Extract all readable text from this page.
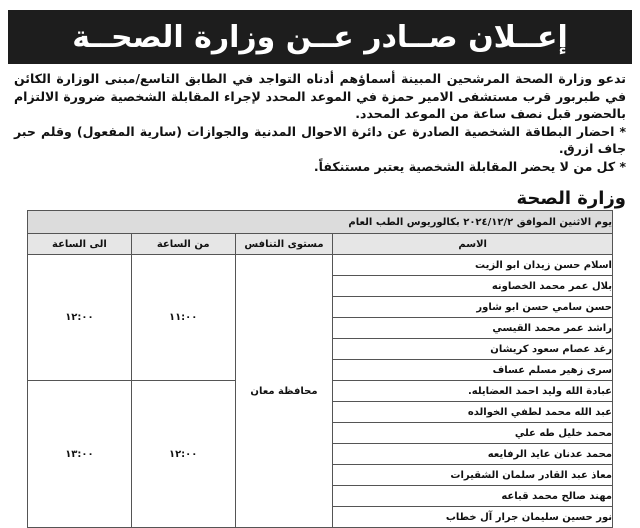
إعــلان صــادر عــن وزارة الصحــة

تدعو وزارة الصحة المرشحين المبينة أسماؤهم أدناه التواجد في الطابق التاسع/مبنى الوزارة الكائن في طبربور قرب مستشفى الامير حمزة في الموعد المحدد لإجراء المقابلة الشخصية ضرورة الالتزام بالحضور قبل نصف ساعة من الموعد المحدد.

* احضار البطاقة الشخصية الصادرة عن دائرة الاحوال المدنية والجوازات (سارية المفعول) وقلم حبر جاف ازرق.

* كل من لا يحضر المقابلة الشخصية يعتبر مستنكفاً.

وزارة الصحة
يوم الاثنين الموافق ٢٠٢٤/١٢/٢ بكالوريوس الطب العام			
الاسم	مستوى التنافس	من الساعة	الى الساعة
اسلام حسن زيدان ابو الزيت	محافظة معان	١١:٠٠	١٢:٠٠
بلال عمر محمد الخصاونه			
حسن سامي حسن ابو شاور			
راشد عمر محمد القيسي			
رغد عصام سعود كريشان			
سرى زهير مسلم عساف			
عبادة الله وليد احمد العضايله.		١٢:٠٠	١٣:٠٠
عبد الله محمد لطفي الخوالده			
محمد خليل طه علي			
محمد عدنان عايد الرفايعه			
معاذ عبد القادر سلمان الشقيرات			
مهند صالح محمد قباعه			
نور حسين سليمان جرار آل خطاب			
